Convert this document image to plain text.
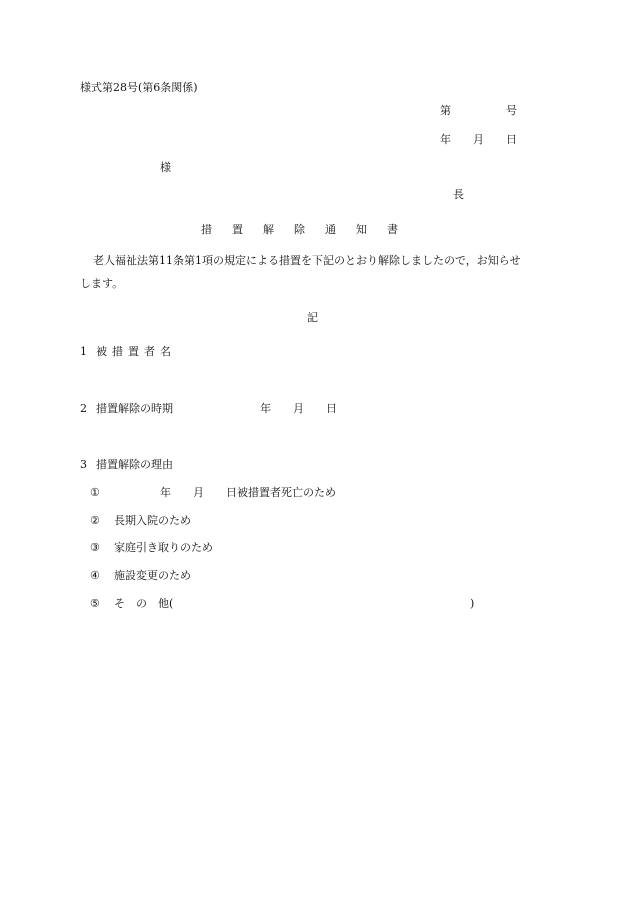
様式第28号(第6条関係)
第　　　　　号
年　　月　　日
様
長
措置解除通知書
老人福祉法第11条第1項の規定による措置を下記のとおり解除しましたので，お知らせ
します。
記
1 被措置者名
2 措置解除の時期	年　　月　　日
3 措置解除の理由
①	年　　月　　日被措置者死亡のため
② 長期入院のため
③ 家庭引き取りのため
④ 施設変更のため
⑤ そ　の　他(	)
